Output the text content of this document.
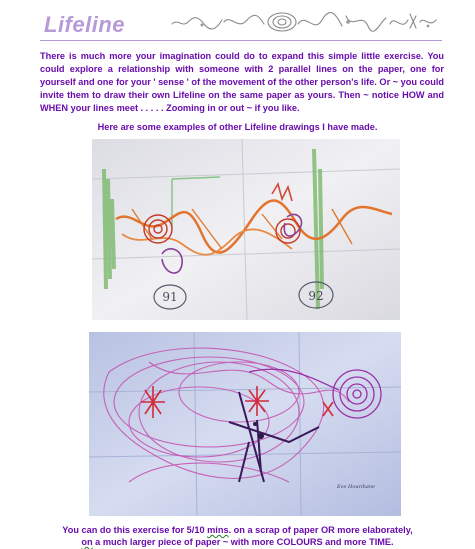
Lifeline
There is much more your imagination could do to expand this simple little exercise. You could explore a relationship with someone with 2 parallel lines on the paper, one for yourself and one for your ' sense ' of the movement of the other person's life. Or ~ you could invite them to draw their own Lifeline on the same paper as yours. Then ~ notice HOW and WHEN your lines meet . . . . . Zooming in or out ~ if you like.
Here are some examples of other Lifeline drawings I have made.
91	92
Eve Hourihane
You can do this exercise for 5/10 mins. on a scrap of paper OR more elaborately,
on a much larger piece of paper ~ with more COLOURS and more TIME.
